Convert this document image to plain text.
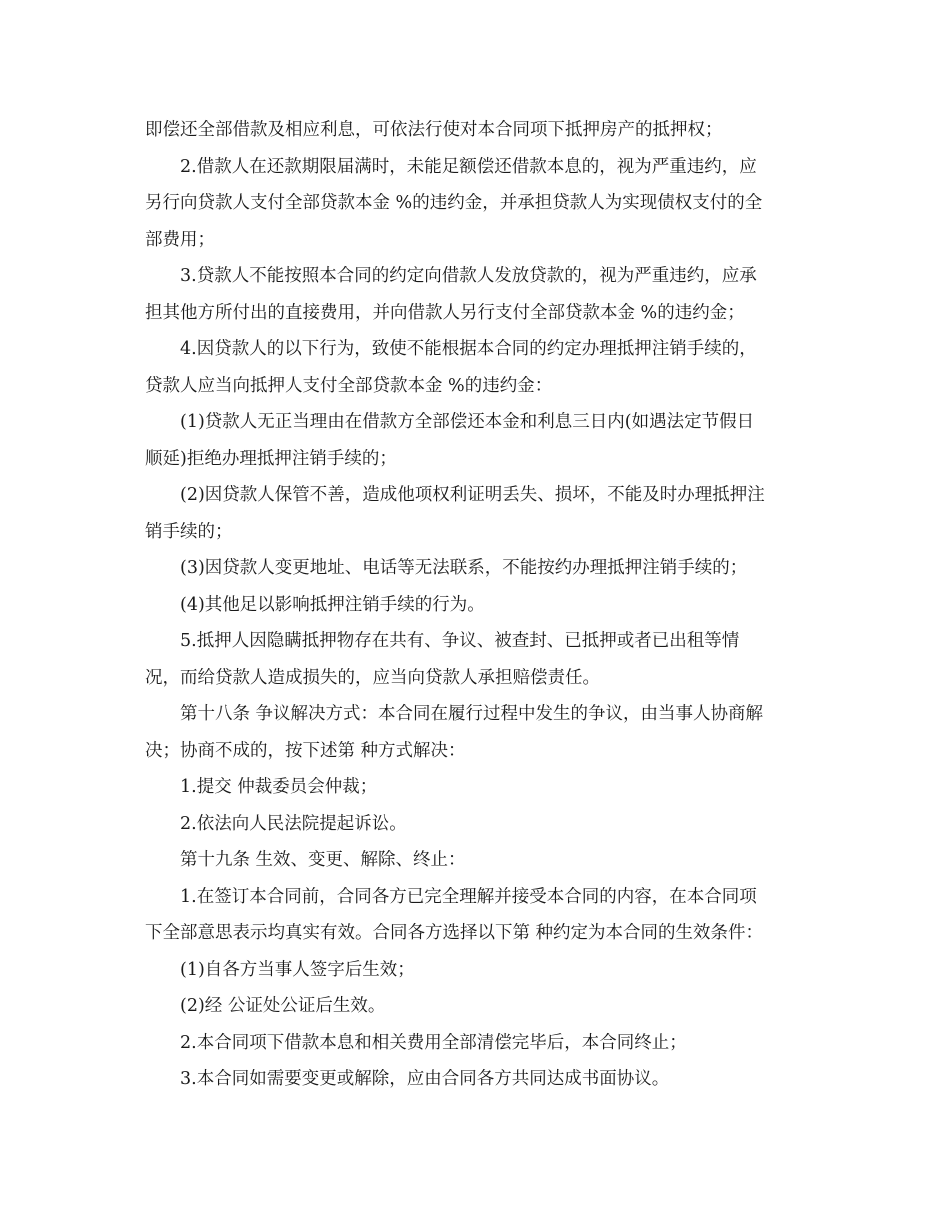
即偿还全部借款及相应利息，可依法行使对本合同项下抵押房产的抵押权；
2.借款人在还款期限届满时，未能足额偿还借款本息的，视为严重违约，应
另行向贷款人支付全部贷款本金 %的违约金，并承担贷款人为实现债权支付的全
部费用；
3.贷款人不能按照本合同的约定向借款人发放贷款的，视为严重违约，应承
担其他方所付出的直接费用，并向借款人另行支付全部贷款本金 %的违约金；
4.因贷款人的以下行为，致使不能根据本合同的约定办理抵押注销手续的，
贷款人应当向抵押人支付全部贷款本金 %的违约金：
(1)贷款人无正当理由在借款方全部偿还本金和利息三日内(如遇法定节假日
顺延)拒绝办理抵押注销手续的；
(2)因贷款人保管不善，造成他项权利证明丢失、损坏，不能及时办理抵押注
销手续的；
(3)因贷款人变更地址、电话等无法联系，不能按约办理抵押注销手续的；
(4)其他足以影响抵押注销手续的行为。
5.抵押人因隐瞒抵押物存在共有、争议、被查封、已抵押或者已出租等情
况，而给贷款人造成损失的，应当向贷款人承担赔偿责任。
第十八条 争议解决方式：本合同在履行过程中发生的争议，由当事人协商解
决；协商不成的，按下述第 种方式解决：
1.提交 仲裁委员会仲裁；
2.依法向人民法院提起诉讼。
第十九条 生效、变更、解除、终止：
1.在签订本合同前，合同各方已完全理解并接受本合同的内容，在本合同项
下全部意思表示均真实有效。合同各方选择以下第 种约定为本合同的生效条件：
(1)自各方当事人签字后生效；
(2)经 公证处公证后生效。
2.本合同项下借款本息和相关费用全部清偿完毕后，本合同终止；
3.本合同如需要变更或解除，应由合同各方共同达成书面协议。
